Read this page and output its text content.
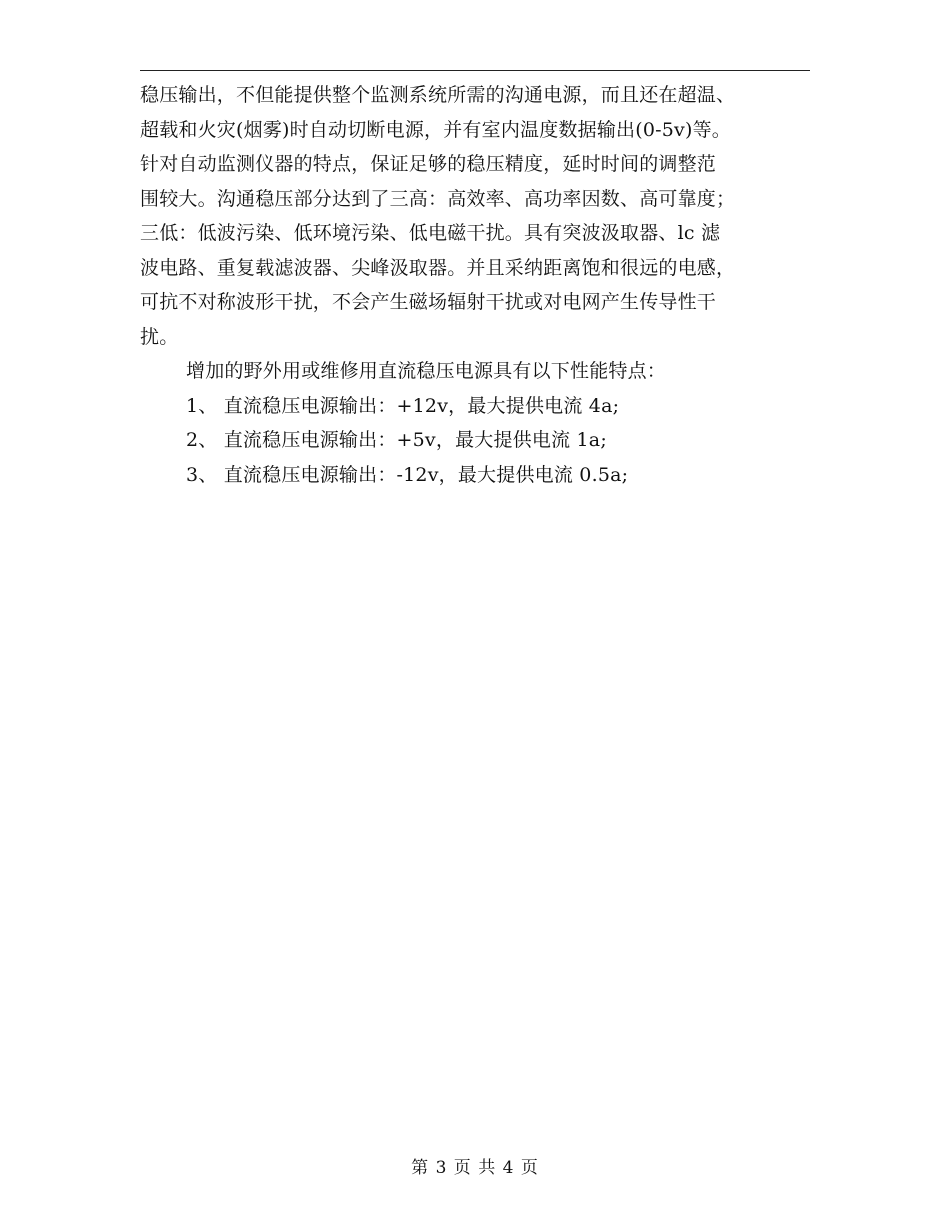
稳压输出，不但能提供整个监测系统所需的沟通电源，而且还在超温、
超载和火灾(烟雾)时自动切断电源，并有室内温度数据输出(0-5v)等。
针对自动监测仪器的特点，保证足够的稳压精度，延时时间的调整范
围较大。沟通稳压部分达到了三高：高效率、高功率因数、高可靠度；
三低：低波污染、低环境污染、低电磁干扰。具有突波汲取器、lc 滤
波电路、重复载滤波器、尖峰汲取器。并且采纳距离饱和很远的电感，
可抗不对称波形干扰，不会产生磁场辐射干扰或对电网产生传导性干
扰。
增加的野外用或维修用直流稳压电源具有以下性能特点：
1、 直流稳压电源输出：+12v，最大提供电流 4a;
2、 直流稳压电源输出：+5v，最大提供电流 1a;
3、 直流稳压电源输出：-12v，最大提供电流 0.5a;
第 3 页 共 4 页
